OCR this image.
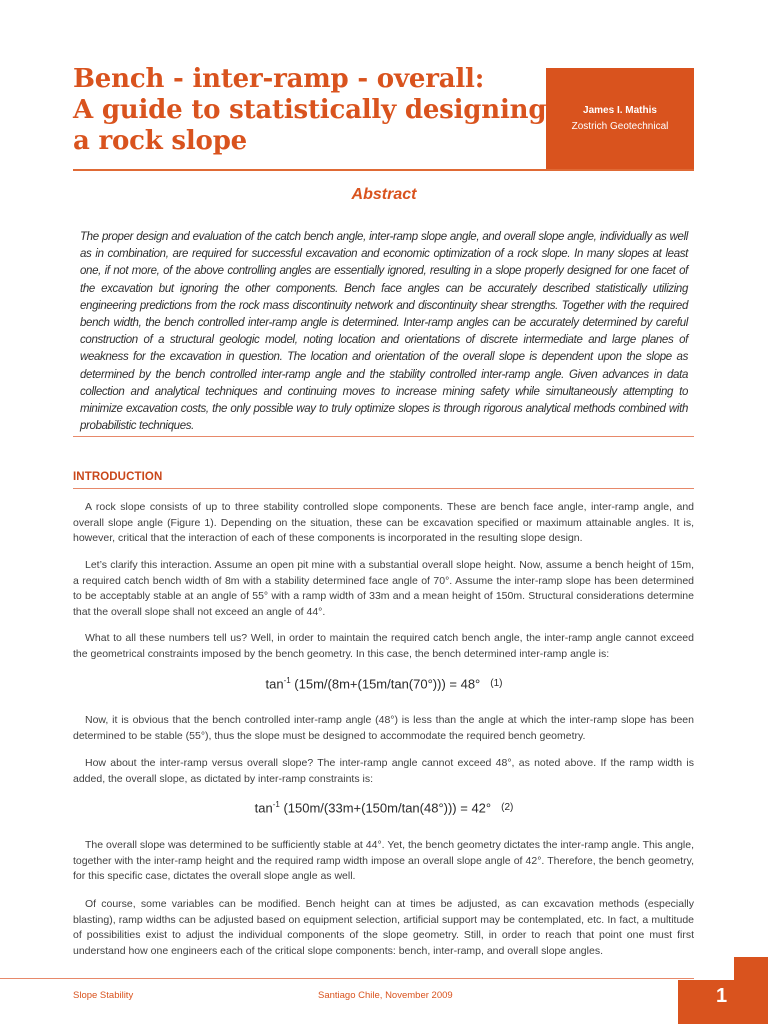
Bench - inter-ramp - overall:
A guide to statistically designing
a rock slope
James I. Mathis
Zostrich Geotechnical
Abstract

The proper design and evaluation of the catch bench angle, inter-ramp slope angle, and overall slope angle, individually as well as in combination, are required for successful excavation and economic optimization of a rock slope. In many slopes at least one, if not more, of the above controlling angles are essentially ignored, resulting in a slope properly designed for one facet of the excavation but ignoring the other components. Bench face angles can be accurately described statistically utilizing engineering predictions from the rock mass discontinuity network and discontinuity shear strengths. Together with the required bench width, the bench controlled inter-ramp angle is determined. Inter-ramp angles can be accurately determined by careful construction of a structural geologic model, noting location and orientations of discrete intermediate and large planes of weakness for the excavation in question. The location and orientation of the overall slope is dependent upon the slope as determined by the bench controlled inter-ramp angle and the stability controlled inter-ramp angle. Given advances in data collection and analytical techniques and continuing moves to increase mining safety while simultaneously attempting to minimize excavation costs, the only possible way to truly optimize slopes is through rigorous analytical methods combined with probabilistic techniques.

INTRODUCTION

A rock slope consists of up to three stability controlled slope components. These are bench face angle, inter-ramp angle, and overall slope angle (Figure 1). Depending on the situation, these can be excavation specified or maximum attainable angles. It is, however, critical that the interaction of each of these components is incorporated in the resulting slope design.

Let’s clarify this interaction. Assume an open pit mine with a substantial overall slope height. Now, assume a bench height of 15m, a required catch bench width of 8m with a stability determined face angle of 70°. Assume the inter-ramp slope has been determined to be acceptably stable at an angle of 55° with a ramp width of 33m and a mean height of 150m. Structural considerations determine that the overall slope shall not exceed an angle of 44°.

What to all these numbers tell us? Well, in order to maintain the required catch bench angle, the inter-ramp angle cannot exceed the geometrical constraints imposed by the bench geometry. In this case, the bench determined inter-ramp angle is:

$\tan^{-1} (15m/(8m+(15m/\tan(70^\circ))) = 48^\circ$ (1)

Now, it is obvious that the bench controlled inter-ramp angle (48°) is less than the angle at which the inter-ramp slope has been determined to be stable (55°), thus the slope must be designed to accommodate the required bench geometry.

How about the inter-ramp versus overall slope? The inter-ramp angle cannot exceed 48°, as noted above. If the ramp width is added, the overall slope, as dictated by inter-ramp constraints is:

$\tan^{-1} (150m/(33m+(150m/\tan(48^\circ))) = 42^\circ$ (2)

The overall slope was determined to be sufficiently stable at 44°. Yet, the bench geometry dictates the inter-ramp angle. This angle, together with the inter-ramp height and the required ramp width impose an overall slope angle of 42°. Therefore, the bench geometry, for this specific case, dictates the overall slope angle as well.

Of course, some variables can be modified. Bench height can at times be adjusted, as can excavation methods (especially blasting), ramp widths can be adjusted based on equipment selection, artificial support may be contemplated, etc. In fact, a multitude of possibilities exist to adjust the individual components of the slope geometry. Still, in order to reach that point one must first understand how one engineers each of the critical slope components: bench, inter-ramp, and overall slope angles.

Slope Stability	Santiago Chile, November 2009	1
